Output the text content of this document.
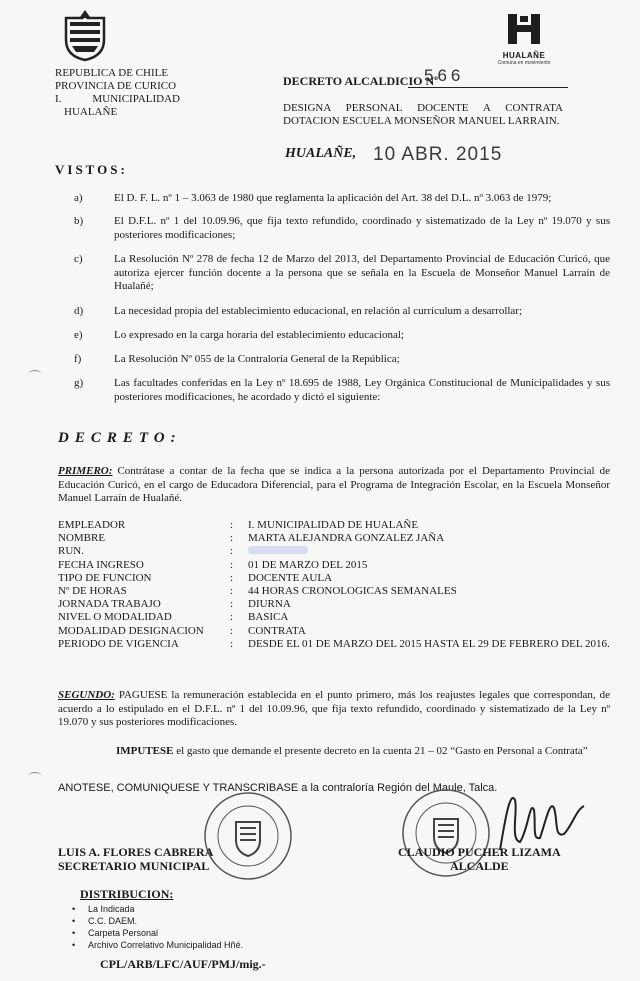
HUALAÑE
Comuna en movimiento
REPUBLICA DE CHILE
PROVINCIA DE CURICO
I.	MUNICIPALIDAD
HUALAÑE
DECRETO ALCALDICIO Nº
566
DESIGNA PERSONAL DOCENTE A CONTRATA
DOTACION ESCUELA MONSEÑOR MANUEL LARRAIN.
HUALAÑE, 10 ABR. 2015
VISTOS:
a)	El D. F. L. nº 1 – 3.063 de 1980 que reglamenta la aplicación del Art. 38 del D.L. nº 3.063 de 1979;
b)	El D.F.L. nº 1 del 10.09.96, que fija texto refundido, coordinado y sistematizado de la Ley nº 19.070 y sus posteriores modificaciones;
c)	La Resolución Nº 278 de fecha 12 de Marzo del 2013, del Departamento Provincial de Educación Curicó, que autoriza ejercer función docente a la persona que se señala en la Escuela de Monseñor Manuel Larraín de Hualañé;
d)	La necesidad propia del establecimiento educacional, en relación al currículum a desarrollar;
e)	Lo expresado en la carga horaria del establecimiento educacional;
f)	La Resolución Nº 055 de la Contraloría General de la República;
g)	Las facultades conferidas en la Ley nº 18.695 de 1988, Ley Orgánica Constitucional de Municipalidades y sus posteriores modificaciones, he acordado y dictó el siguiente:
DECRETO:
PRIMERO: Contrátase a contar de la fecha que se indica a la persona autorizada por el Departamento Provincial de Educación Curicó, en el cargo de Educadora Diferencial, para el Programa de Integración Escolar, en la Escuela Monseñor Manuel Larraín de Hualañé.
EMPLEADOR	:	I. MUNICIPALIDAD DE HUALAÑE
NOMBRE	:	MARTA ALEJANDRA GONZALEZ JAÑA
RUN.	:
FECHA INGRESO	:	01 DE MARZO DEL 2015
TIPO DE FUNCION	:	DOCENTE AULA
Nº DE HORAS	:	44 HORAS CRONOLOGICAS SEMANALES
JORNADA TRABAJO	:	DIURNA
NIVEL O MODALIDAD	:	BASICA
MODALIDAD DESIGNACION	:	CONTRATA
PERIODO DE VIGENCIA	:	DESDE EL 01 DE MARZO DEL 2015 HASTA EL 29 DE FEBRERO DEL 2016.
SEGUNDO: PAGUESE la remuneración establecida en el punto primero, más los reajustes legales que correspondan, de acuerdo a lo estipulado en el D.F.L. nº 1 del 10.09.96, que fija texto refundido, coordinado y sistematizado de la Ley nº 19.070 y sus posteriores modificaciones.
IMPUTESE el gasto que demande el presente decreto en la cuenta 21 – 02 “Gasto en Personal a Contrata”
ANOTESE, COMUNIQUESE Y TRANSCRIBASE a la contraloría Región del Maule, Talca.
LUIS A. FLORES CABRERA
SECRETARIO MUNICIPAL
CLAUDIO PUCHER LIZAMA
ALCALDE
DISTRIBUCION:
• La Indicada
• C.C. DAEM.
• Carpeta Personal
• Archivo Correlativo Municipalidad Hñé.
CPL/ARB/LFC/AUF/PMJ/mig.-
